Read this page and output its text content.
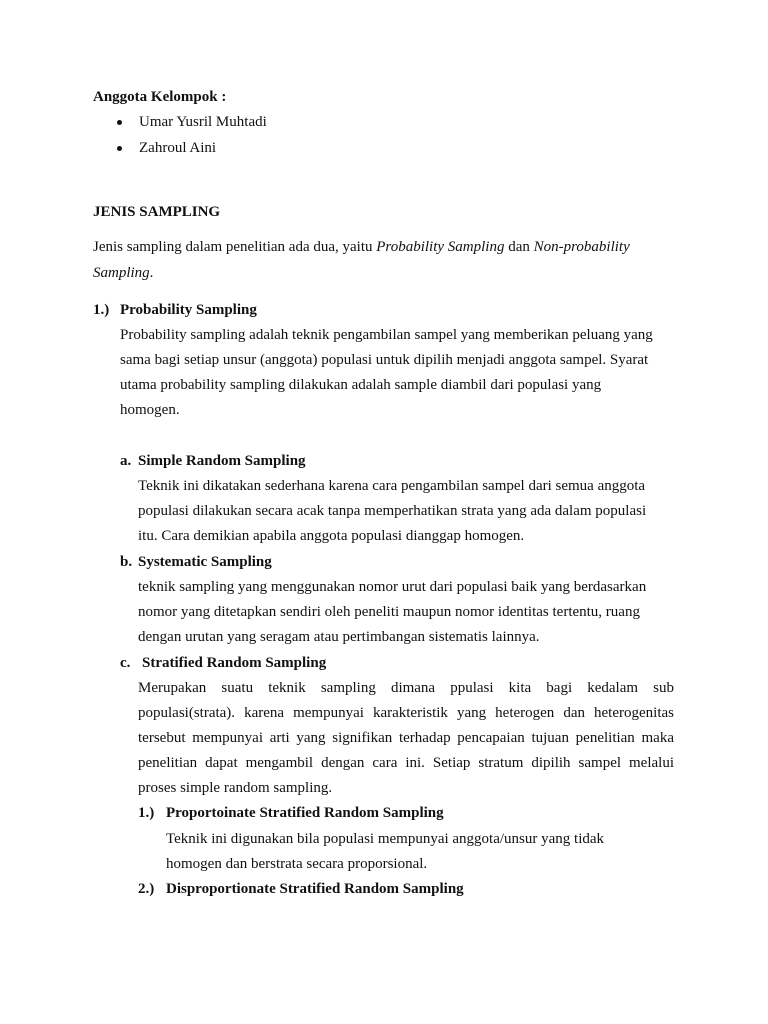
Anggota Kelompok :

Umar Yusril Muhtadi

Zahroul Aini

JENIS SAMPLING

Jenis sampling dalam penelitian ada dua, yaitu Probability Sampling dan Non-probability

Sampling.

1.) Probability Sampling

Probability sampling adalah teknik pengambilan sampel yang memberikan peluang yang

sama bagi setiap unsur (anggota) populasi untuk dipilih menjadi anggota sampel. Syarat

utama probability sampling dilakukan adalah sample diambil dari populasi yang

homogen.

a. Simple Random Sampling

Teknik ini dikatakan sederhana karena cara pengambilan sampel dari semua anggota

populasi dilakukan secara acak tanpa memperhatikan strata yang ada dalam populasi

itu. Cara demikian apabila anggota populasi dianggap homogen.

b. Systematic Sampling

teknik sampling yang menggunakan nomor urut dari populasi baik yang berdasarkan

nomor yang ditetapkan sendiri oleh peneliti maupun nomor identitas tertentu, ruang

dengan urutan yang seragam atau pertimbangan sistematis lainnya.

c. Stratified Random Sampling

Merupakan suatu teknik sampling dimana ppulasi kita bagi kedalam sub

populasi(strata). karena mempunyai karakteristik yang heterogen dan heterogenitas

tersebut mempunyai arti yang signifikan terhadap pencapaian tujuan penelitian maka

penelitian dapat mengambil dengan cara ini. Setiap stratum dipilih sampel melalui

proses simple random sampling.

1.) Proportoinate Stratified Random Sampling

Teknik ini digunakan bila populasi mempunyai anggota/unsur yang tidak

homogen dan berstrata secara proporsional.

2.) Disproportionate Stratified Random Sampling
